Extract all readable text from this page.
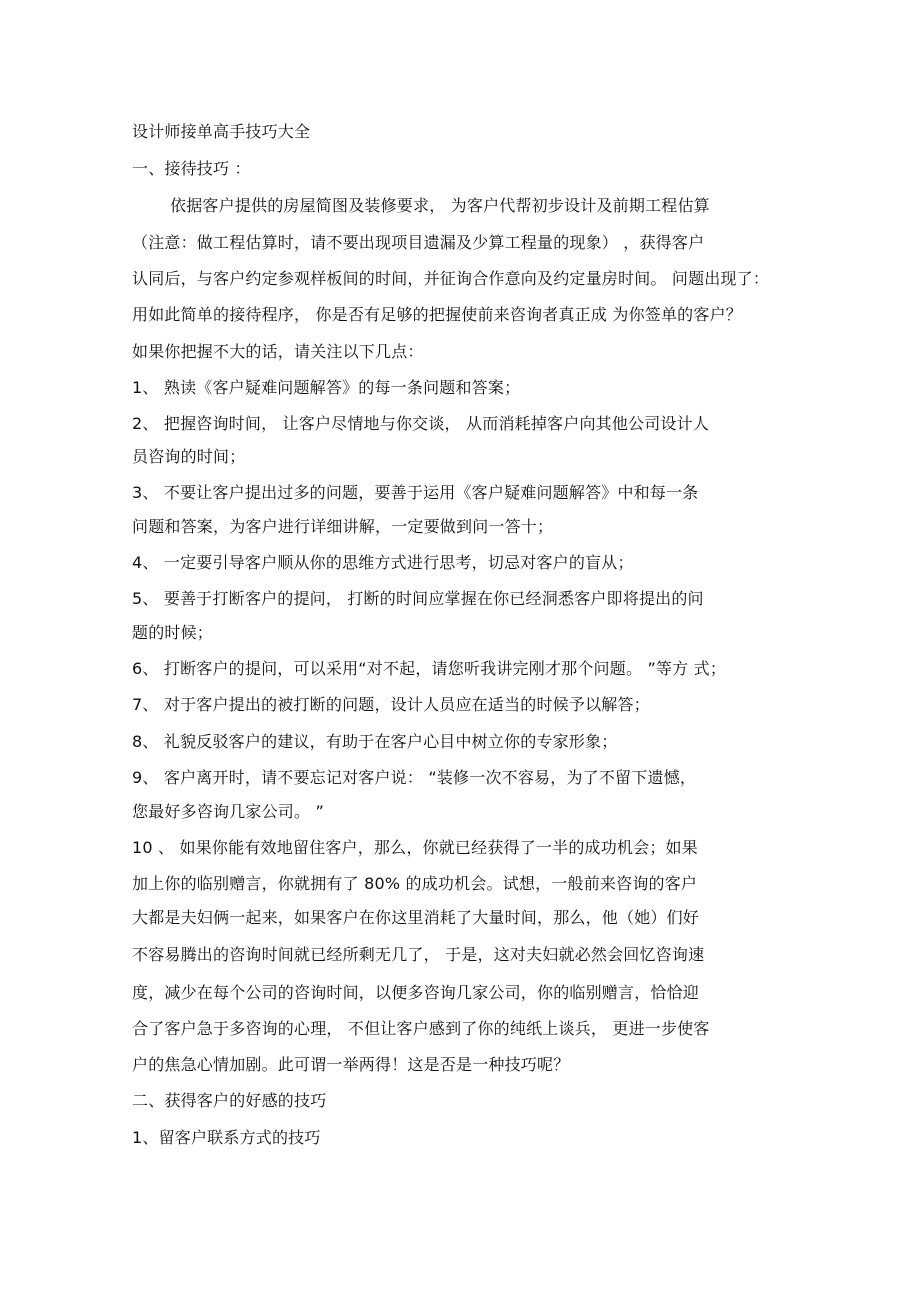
设计师接单高手技巧大全
一、接待技巧 ：
依据客户提供的房屋简图及装修要求， 为客户代帮初步设计及前期工程估算
（注意：做工程估算时，请不要出现项目遗漏及少算工程量的现象） ，获得客户
认同后，与客户约定参观样板间的时间，并征询合作意向及约定量房时间。 问题出现了：
用如此简单的接待程序， 你是否有足够的把握使前来咨询者真正成 为你签单的客户？
如果你把握不大的话，请关注以下几点：
1、 熟读《客户疑难问题解答》的每一条问题和答案；
2、 把握咨询时间， 让客户尽情地与你交谈， 从而消耗掉客户向其他公司设计人
员咨询的时间；
3、 不要让客户提出过多的问题，要善于运用《客户疑难问题解答》中和每一条
问题和答案，为客户进行详细讲解，一定要做到问一答十；
4、 一定要引导客户顺从你的思维方式进行思考，切忌对客户的盲从；
5、 要善于打断客户的提问， 打断的时间应掌握在你已经洞悉客户即将提出的问
题的时候；
6、 打断客户的提问，可以采用“对不起，请您听我讲完刚才那个问题。 ”等方 式；
7、 对于客户提出的被打断的问题，设计人员应在适当的时候予以解答；
8、 礼貌反驳客户的建议，有助于在客户心目中树立你的专家形象；
9、 客户离开时，请不要忘记对客户说： “装修一次不容易，为了不留下遗憾，
您最好多咨询几家公司。 ”
10 、 如果你能有效地留住客户，那么，你就已经获得了一半的成功机会；如果
加上你的临别赠言，你就拥有了 80% 的成功机会。试想，一般前来咨询的客户
大都是夫妇俩一起来，如果客户在你这里消耗了大量时间，那么，他（她）们好
不容易腾出的咨询时间就已经所剩无几了， 于是，这对夫妇就必然会回忆咨询速
度，减少在每个公司的咨询时间，以便多咨询几家公司，你的临别赠言，恰恰迎
合了客户急于多咨询的心理， 不但让客户感到了你的纯纸上谈兵， 更进一步使客
户的焦急心情加剧。此可谓一举两得！这是否是一种技巧呢？
二、获得客户的好感的技巧
1、留客户联系方式的技巧
